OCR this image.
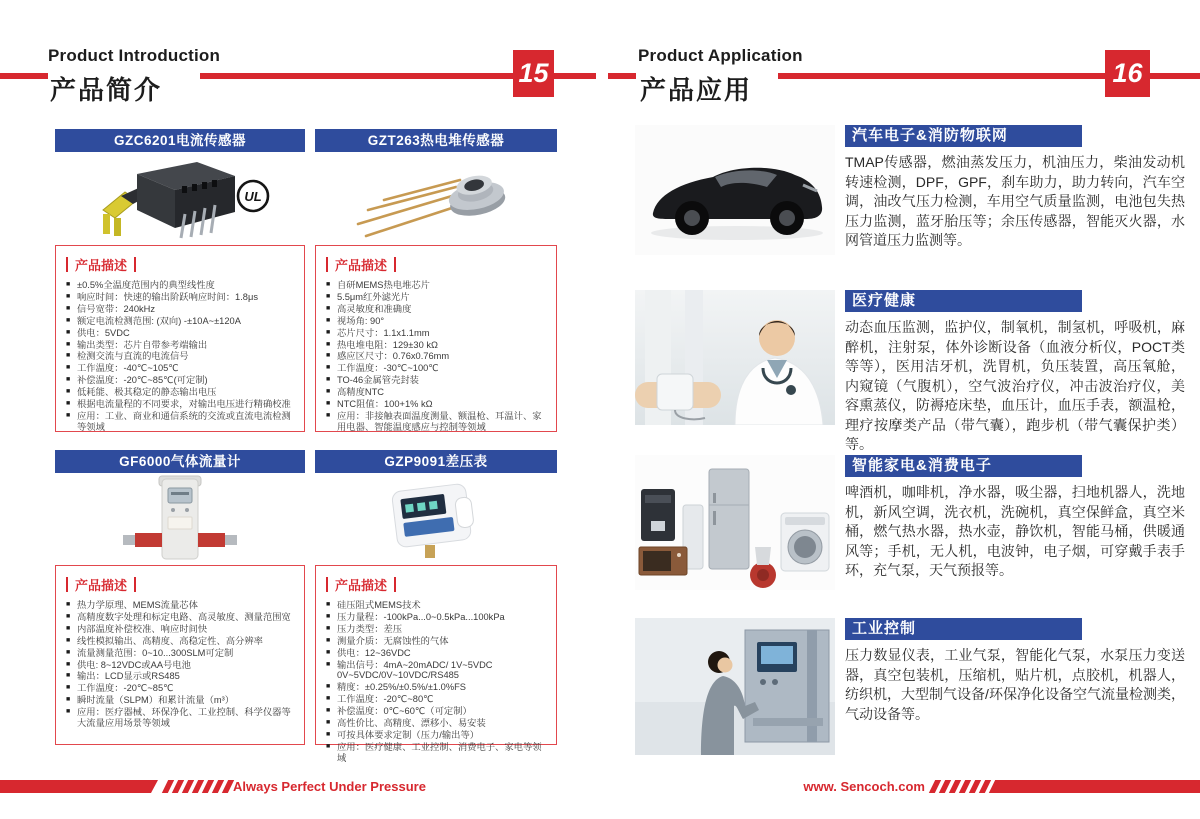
Product Introduction
产品简介
15
Product Application
产品应用
16
GZC6201电流传感器
UL
产品描述
■ ±0.5%全温度范围内的典型线性度
■ 响应时间：快速的输出阶跃响应时间：1.8μs
■ 信号宽带：240kHz
■ 额定电流检测范围: (双向) -±10A~±120A
■ 供电：5VDC
■ 输出类型：芯片自带参考端输出
■ 检测交流与直流的电流信号
■ 工作温度：-40℃~105℃
■ 补偿温度：-20℃~85℃(可定制)
■ 低耗能、极其稳定的静态输出电压
■ 根据电流量程的不同要求，对输出电压进行精确校准
■ 应用：工业、商业和通信系统的交流或直流电流检测等领域
GZT263热电堆传感器
产品描述
■ 自研MEMS热电堆芯片
■ 5.5μm红外滤光片
■ 高灵敏度和准确度
■ 视场角: 90°
■ 芯片尺寸：1.1x1.1mm
■ 热电堆电阻：129±30 kΩ
■ 感应区尺寸：0.76x0.76mm
■ 工作温度：-30℃~100℃
■ TO-46金属管壳封装
■ 高精度NTC
■ NTC阻值：100+1% kΩ
■ 应用：非接触表面温度测量、额温枪、耳温计、家用电器、智能温度感应与控制等领域
GF6000气体流量计
产品描述
■ 热力学原理、MEMS流量芯体
■ 高精度数字处理和标定电路、高灵敏度、测量范围宽
■ 内部温度补偿校准、响应时间快
■ 线性模拟输出、高精度、高稳定性、高分辨率
■ 流量测量范围：0~10...300SLM可定制
■ 供电: 8~12VDC或AA号电池
■ 输出：LCD显示或RS485
■ 工作温度：-20℃~85℃
■ 瞬时流量（SLPM）和累计流量（m³）
■ 应用：医疗器械、环保净化、工业控制、科学仪器等大流量应用场景等领域
GZP9091差压表
产品描述
■ 硅压阻式MEMS技术
■ 压力量程：-100kPa...0~0.5kPa...100kPa
■ 压力类型：差压
■ 测量介质：无腐蚀性的气体
■ 供电：12~36VDC
■ 输出信号：4mA~20mADC/ 1V~5VDC 0V~5VDC/0V~10VDC/RS485
■ 精度：±0.25%/±0.5%/±1.0%FS
■ 工作温度：-20℃~80℃
■ 补偿温度：0℃~60℃（可定制）
■ 高性价比、高精度、漂移小、易安装
■ 可按具体要求定制（压力/输出等）
■ 应用：医疗健康、工业控制、消费电子、家电等领域
汽车电子&消防物联网
TMAP传感器，燃油蒸发压力，机油压力，柴油发动机转速检测，DPF，GPF，刹车助力，助力转向，汽车空调，油改气压力检测，车用空气质量监测，电池包失热压力监测，蓝牙胎压等；余压传感器，智能灭火器，水网管道压力监测等。
医疗健康
动态血压监测，监护仪，制氧机，制氢机，呼吸机，麻醉机，注射泵，体外诊断设备（血液分析仪，POCT类等等），医用洁牙机，洗胃机，负压装置，高压氧舱，内窥镜（气腹机），空气波治疗仪，冲击波治疗仪，美容熏蒸仪，防褥疮床垫，血压计，血压手表，额温枪，理疗按摩类产品（带气囊），跑步机（带气囊保护类）等。
智能家电&消费电子
啤酒机，咖啡机，净水器，吸尘器，扫地机器人，洗地机，新风空调，洗衣机，洗碗机，真空保鲜盒，真空米桶，燃气热水器，热水壶，静饮机，智能马桶，供暖通风等；手机，无人机，电波钟，电子烟，可穿戴手表手环，充气泵，天气预报等。
工业控制
压力数显仪表，工业气泵，智能化气泵，水泵压力变送器，真空包装机，压缩机，贴片机，点胶机，机器人，纺织机，大型制气设备/环保净化设备空气流量检测类，气动设备等。
Always Perfect Under Pressure	www. Sencoch.com
